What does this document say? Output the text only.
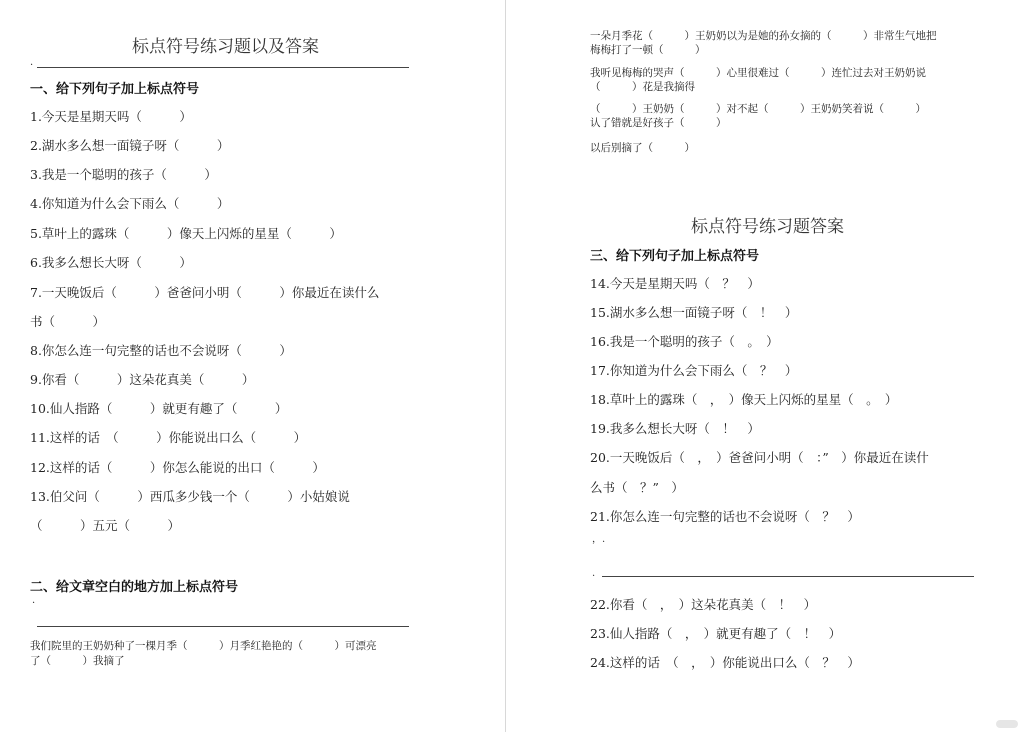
标点符号练习题以及答案
·
一、给下列句子加上标点符号
1.今天是星期天吗（　　　）
2.湖水多么想一面镜子呀（　　　）
3.我是一个聪明的孩子（　　　）
4.你知道为什么会下雨么（　　　）
5.草叶上的露珠（　　　）像天上闪烁的星星（　　　）
6.我多么想长大呀（　　　）
7.一天晚饭后（　　　）爸爸问小明（　　　）你最近在读什么
书（　　　）
8.你怎么连一句完整的话也不会说呀（　　　）
9.你看（　　　）这朵花真美（　　　）
10.仙人指路（　　　）就更有趣了（　　　）
11.这样的话　（　　　）你能说出口么（　　　）
12.这样的话（　　　）你怎么能说的出口（　　　）
13.伯父问（　　　）西瓜多少钱一个（　　　）小姑娘说
（　　　）五元（　　　）
二、给文章空白的地方加上标点符号
·
我们院里的王奶奶种了一棵月季（　　　）月季红艳艳的（　　　）可漂亮
了（　　　）我摘了
一朵月季花（　　　）王奶奶以为是她的孙女摘的（　　　）非常生气地把
梅梅打了一顿（　　　）
我听见梅梅的哭声（　　　）心里很难过（　　　）连忙过去对王奶奶说
（　　　）花是我摘得
（　　　）王奶奶（　　　）对不起（　　　）王奶奶笑着说（　　　）
认了错就是好孩子（　　　）
以后别摘了（　　　）
标点符号练习题答案
三、给下列句子加上标点符号
14.今天是星期天吗（　？　）
15.湖水多么想一面镜子呀（　！　）
16.我是一个聪明的孩子（　。　）
17.你知道为什么会下雨么（　？　）
18.草叶上的露珠（　，　）像天上闪烁的星星（　。　）
19.我多么想长大呀（　！　）
20.一天晚饭后（　，　）爸爸问小明（　：”　）你最近在读什
么书（　？”　）
21.你怎么连一句完整的话也不会说呀（　？　）
，.
.
22.你看（　，　）这朵花真美（　！　）
23.仙人指路（　，　）就更有趣了（　！　）
24.这样的话　（　，　）你能说出口么（　？　）
